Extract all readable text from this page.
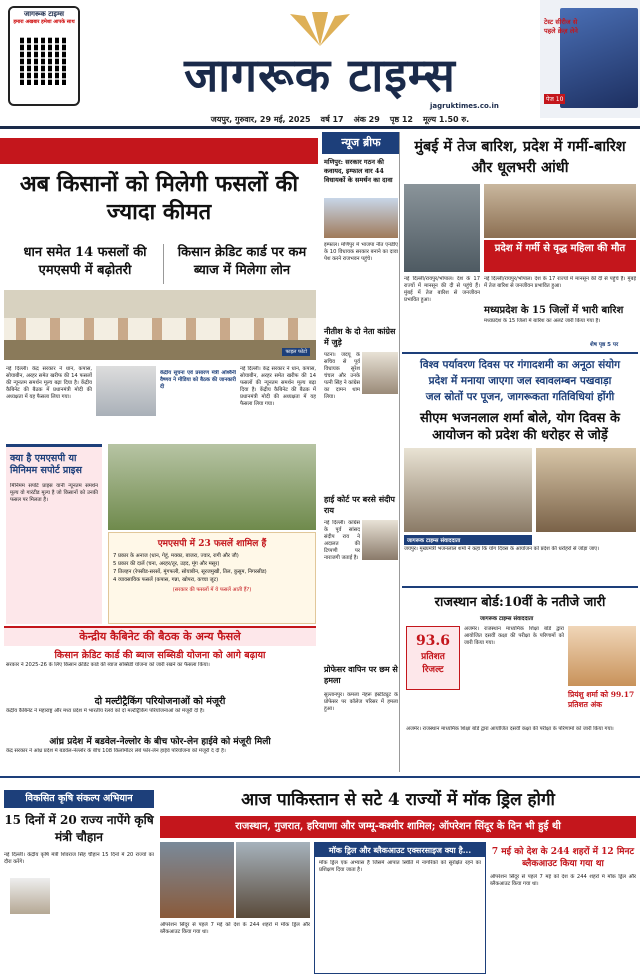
जागरूक टाइम्स
हमारा अखबार हमेशा आपके साथ
जागरूक टाइम्स
jagruktimes.co.in
टेस्ट सीरीज से पहले क्रेज़ लेने
पेज 10
जयपुर, गुरुवार, 29 मई, 2025 वर्ष 17 अंक 29 पृष्ठ 12 मूल्य 1.50 रु.
अब किसानों को मिलेगी फसलों की ज्यादा कीमत
धान समेत 14 फसलों की एमएसपी में बढ़ोतरी
किसान क्रेडिट कार्ड पर कम ब्याज में मिलेगा लोन
फाइल फोटो
नई दिल्ली। केंद्र सरकार ने धान, कपास, सोयाबीन, अरहर समेत खरीफ की 14 फसलों की न्यूनतम समर्थन मूल्य बढ़ा दिया है। केंद्रीय कैबिनेट की बैठक में प्रधानमंत्री मोदी की अध्यक्षता में यह फैसला लिया गया।
केंद्रीय सूचना एवं प्रसारण मंत्री अश्विनी वैष्णव ने मीडिया को बैठक की जानकारी दी
नई दिल्ली। केंद्र सरकार ने धान, कपास, सोयाबीन, अरहर समेत खरीफ की 14 फसलों की न्यूनतम समर्थन मूल्य बढ़ा दिया है। केंद्रीय कैबिनेट की बैठक में प्रधानमंत्री मोदी की अध्यक्षता में यह फैसला लिया गया।
क्या है एमएसपी या मिनिमम सपोर्ट प्राइस
मिनिमम सपोर्ट प्राइस यानी न्यूनतम समर्थन मूल्य वो गारंटीड मूल्य है जो किसानों को उनकी फसल पर मिलता है।
एमएसपी में 23 फसलें शामिल हैं
7 प्रकार के अनाज (धान, गेहूं, मक्का, बाजरा, ज्वार, रागी और जौ)
5 प्रकार की दालें (चना, अरहर/तूर, उड़द, मूंग और मसूर)
7 तिलहन (रेपसीड-सरसों, मूंगफली, सोयाबीन, सूरजमुखी, तिल, कुसुम, निगरसीड)
4 व्यावसायिक फसलें (कपास, गन्ना, खोपरा, कच्चा जूट)
(सरकार की फसलों में ये फसलें आती हैं?)
केन्द्रीय कैबिनेट की बैठक के अन्य फैसले
किसान क्रेडिट कार्ड की ब्याज सब्सिडी योजना को आगे बढ़ाया
सरकार ने 2025-26 के लिए किसान क्रेडिट कार्ड की ब्याज सब्सिडी योजना को जारी रखने का फैसला किया।
दो मल्टीट्रैकिंग परियोजनाओं को मंजूरी
केंद्रीय कैबिनेट ने महाराष्ट्र और मध्य प्रदेश में भारतीय रेलवे को दो मल्टीट्रैकिंग परियोजनाओं को मंजूरी दी है।
आंध्र प्रदेश में बडवेल-नेल्लोर के बीच फोर-लेन हाईवे को मंजूरी मिली
केंद्र सरकार ने आंध्र प्रदेश में बडवेल-नेल्लोर के बीच 108 किलोमीटर लंबे फोर-लेन हाईवे परियोजना को मंजूरी दे दी है।
न्यूज ब्रीफ
मणिपुर: सरकार गठन की कवायद, इम्फाल वार 44 विधायकों के समर्थन का दावा
इम्फाल। मणिपुर में भाजपा नीत एनडीए के 10 विधायक सरकार बनाने का दावा पेश करने राजभवन पहुंचे।
नीतीश के दो नेता कांग्रेस में जुड़े
पटना। जदयू के सचिव से पूर्व विधायक सुरेश चंचल और उनके पत्नी सिंह ने कांग्रेस का दामन थाम लिया।
हाई कोर्ट पर बरसे संदीप राय
नई दिल्ली। कांग्रेस के पूर्व सांसद संदीप राय ने अदालत की टिप्पणी पर नाराजगी जताई है।
प्रोफेसर वापिन पर छम से हमला
सुल्तानपुर। कमला नेहरू इंस्टीट्यूट के प्रोफेसर पर कॉलेज परिसर में हमला हुआ।
मुंबई में तेज बारिश, प्रदेश में गर्मी-बारिश और धूलभरी आंधी
नई दिल्ली/रायपुर/भोपाल। देश के 17 राज्यों में मानसून की दी से पहुंचे हैं। मुंबई में तेज बारिश से जनजीवन प्रभावित हुआ।
प्रदेश में गर्मी से वृद्ध महिला की मौत
नई दिल्ली/रायपुर/भोपाल। देश के 17 राज्यों में मानसून की दी से पहुंचे हैं। मुंबई में तेज बारिश से जनजीवन प्रभावित हुआ।
मध्यप्रदेश के 15 जिलों में भारी बारिश
मध्यप्रदेश के 15 जिलों में बारिश का अलर्ट जारी किया गया है।
शेष पृष्ठ 5 पर
विश्व पर्यावरण दिवस पर गंगादशमी का अनूठा संयोग
प्रदेश में मनाया जाएगा जल स्वावलम्बन पखवाड़ा
जल स्रोतों पर पूजन, जागरूकता गतिविधियां होंगी
सीएम भजनलाल शर्मा बोले, योग दिवस के आयोजन को प्रदेश की धरोहर से जोड़ें
जागरूक टाइम्स संवाददाता
जयपुर। मुख्यमंत्री भजनलाल शर्मा ने कहा कि योग दिवस के आयोजन को प्रदेश की धरोहरों से जोड़ा जाए।
राजस्थान बोर्ड:10वीं के नतीजे जारी
जागरूक टाइम्स संवाददाता
93.6
प्रतिशत
रिजल्ट
अजमेर। राजस्थान माध्यमिक शिक्षा बोर्ड द्वारा आयोजित दसवीं कक्षा की परीक्षा के परिणामों को जारी किया गया।
प्रियंशु शर्मा को 99.17 प्रतिशत अंक
अजमेर। राजस्थान माध्यमिक शिक्षा बोर्ड द्वारा आयोजित दसवीं कक्षा की परीक्षा के परिणामों को जारी किया गया।
विकसित कृषि संकल्प अभियान
15 दिनों में 20 राज्य नापेंगे कृषि मंत्री चौहान
नई दिल्ली। केंद्रीय कृषि मंत्री शिवराज सिंह चौहान 15 दिनों में 20 राज्यों का दौरा करेंगे।
आज पाकिस्तान से सटे 4 राज्यों में मॉक ड्रिल होगी
राजस्थान, गुजरात, हरियाणा और जम्मू-कश्मीर शामिल; ऑपरेशन सिंदूर के दिन भी हुई थी
ऑपरेशन सिंदूर से पहले 7 मई को देश के 244 शहरों में मॉक ड्रिल और ब्लैकआउट किया गया था।
मॉक ड्रिल और ब्लैकआउट एक्सरसाइज क्या है...
मॉक ड्रिल एक अभ्यास है जिसमें आपात स्थिति में नागरिकों को सुरक्षित रहने का प्रशिक्षण दिया जाता है।
7 मई को देश के 244 शहरों में 12 मिनट ब्लैकआउट किया गया था
ऑपरेशन सिंदूर से पहले 7 मई को देश के 244 शहरों में मॉक ड्रिल और ब्लैकआउट किया गया था।
